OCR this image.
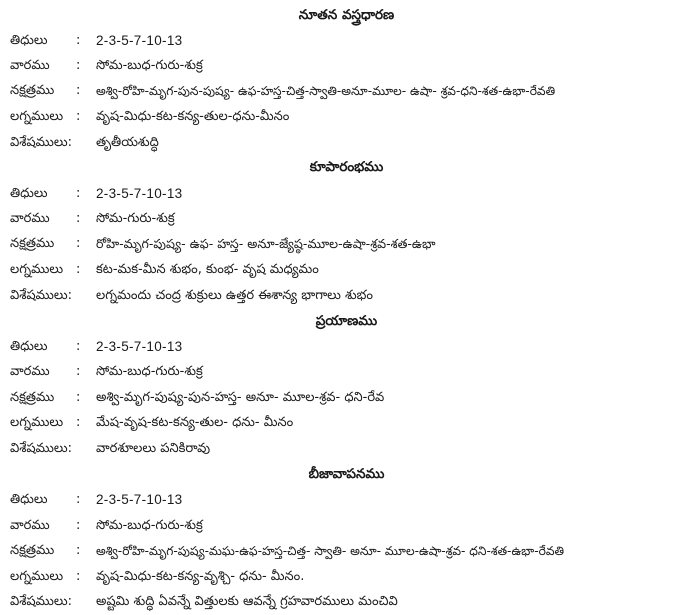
నూతన వస్త్రధారణ
తిధులు : 2-3-5-7-10-13
వారము : సోమ-బుధ-గురు-శుక్ర
నక్షత్రము : అశ్వి-రోహి-మృగ-పున-పుష్య- ఉఫ-హస్త-చిత్త-స్వాతి-అనూ-మూల- ఉషా- శ్రవ-ధని-శత-ఉభా-రేవతి
లగ్నములు : వృష-మిధు-కట-కన్య-తుల-ధను-మీనం
విశేషములు: తృతీయశుద్ధి
కూపారంభము
తిధులు : 2-3-5-7-10-13
వారము : సోమ-గురు-శుక్ర
నక్షత్రము : రోహి-మృగ-పుష్య- ఉఫ- హస్త- అనూ-జ్యేష్ఠ-మూల-ఉషా-శ్రవ-శత-ఉభా
లగ్నములు : కట-మక-మీన శుభం, కుంభ- వృష మధ్యమం
విశేషములు: లగ్నమందు చంద్ర శుక్రులు ఉత్తర ఈశాన్య భాగాలు శుభం
ప్రయాణము
తిధులు : 2-3-5-7-10-13
వారము : సోమ-బుధ-గురు-శుక్ర
నక్షత్రము : అశ్వి-మృగ-పుష్య-పున-హస్త- అనూ- మూల-శ్రవ- ధని-రేవ
లగ్నములు : మేష-వృష-కట-కన్య-తుల- ధను- మీనం
విశేషములు: వారశూలలు పనికిరావు
బీజావాపనము
తిధులు : 2-3-5-7-10-13
వారము : సోమ-బుధ-గురు-శుక్ర
నక్షత్రము : అశ్వి-రోహి-మృగ-పుష్య-మఘ-ఉఫ-హస్త-చిత్త- స్వాతి- అనూ- మూల-ఉషా-శ్రవ- ధని-శత-ఉభా-రేవతి
లగ్నములు : వృష-మిధు-కట-కన్య-వృశ్చి- ధను- మీనం.
విశేషములు: అష్టమి శుద్ధి ఏవన్నే విత్తులకు ఆవన్నే గ్రహవారములు మంచివి
